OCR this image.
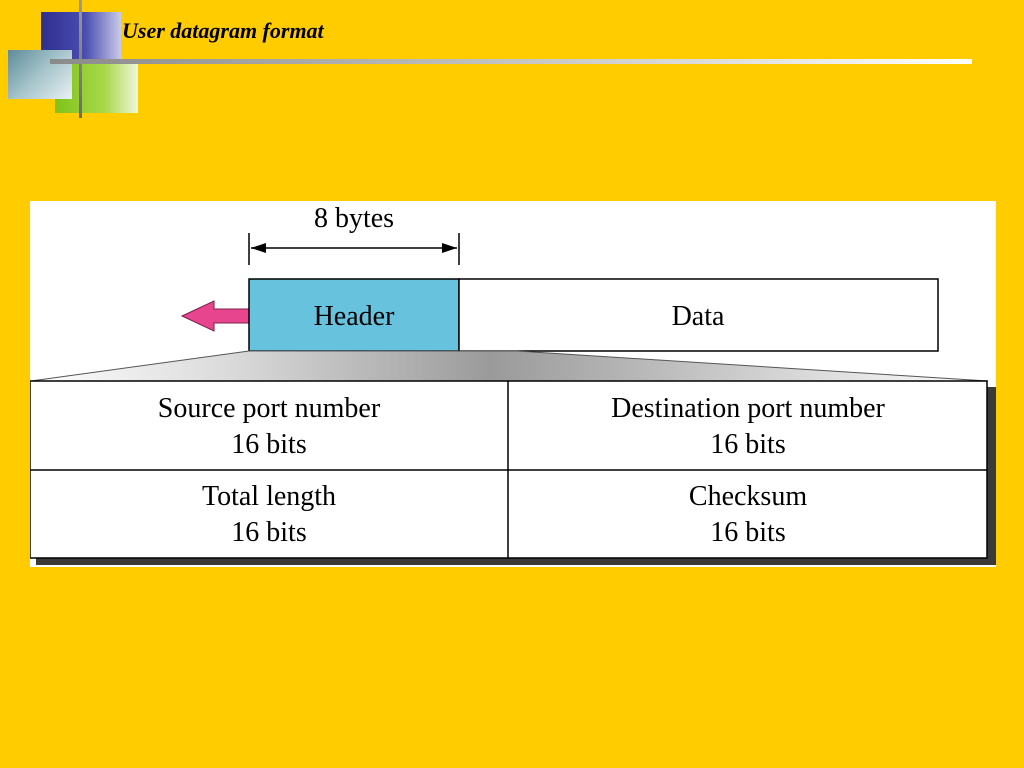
User datagram format
8 bytes
Header	Data
Source port number
16 bits
Destination port number
16 bits
Total length
16 bits
Checksum
16 bits
